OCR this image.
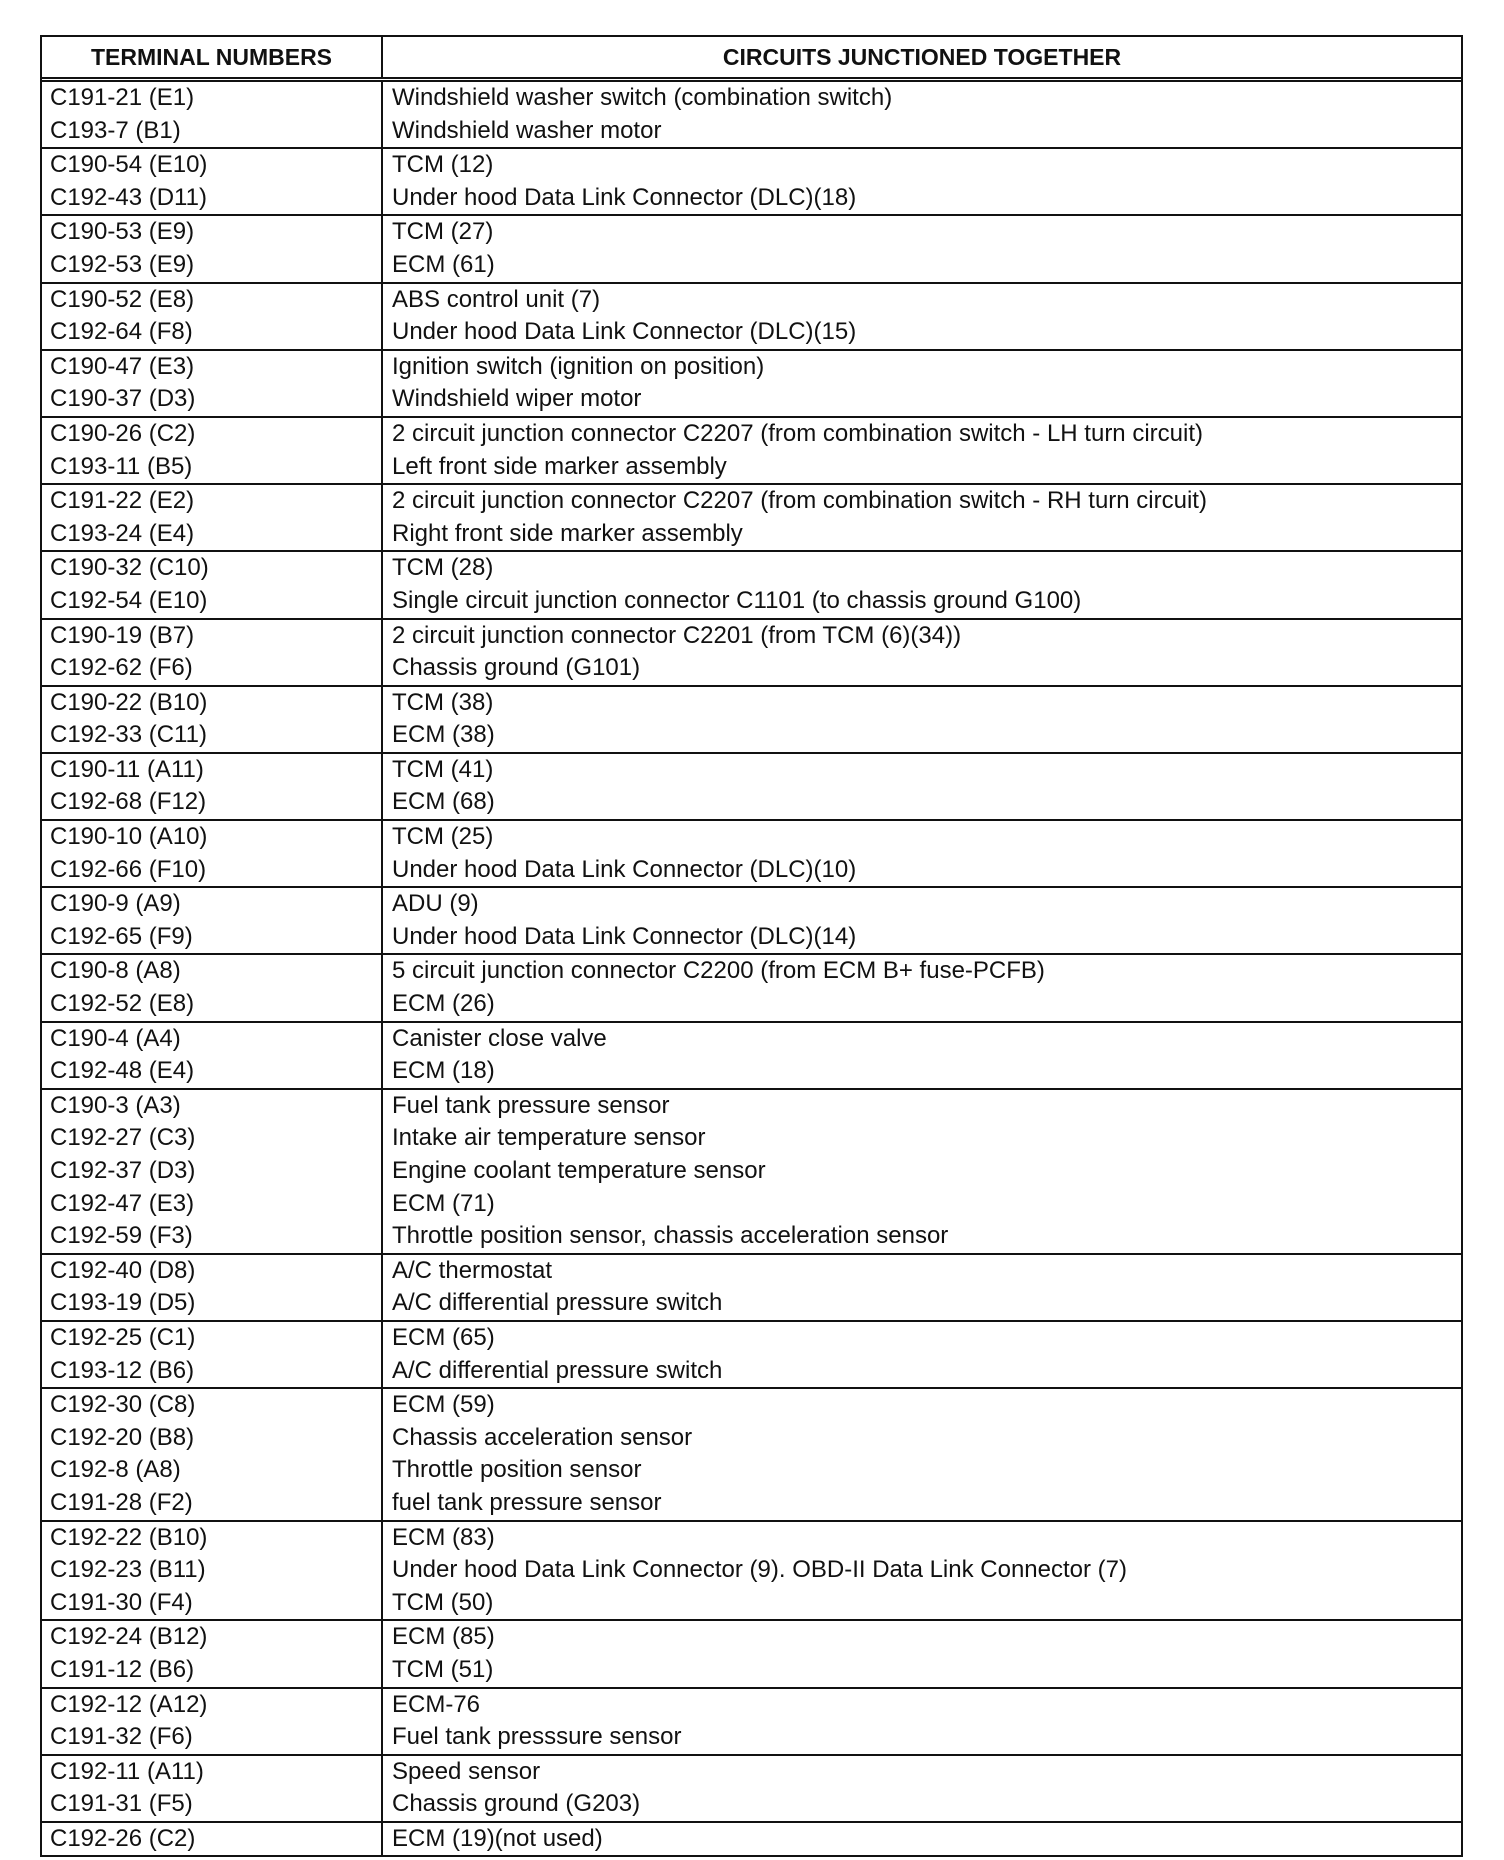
TERMINAL NUMBERS	CIRCUITS JUNCTIONED TOGETHER
C191-21 (E1)
C193-7 (B1)
Windshield washer switch (combination switch)
Windshield washer motor
C190-54 (E10)
C192-43 (D11)
TCM (12)
Under hood Data Link Connector (DLC)(18)
C190-53 (E9)
C192-53 (E9)
TCM (27)
ECM (61)
C190-52 (E8)
C192-64 (F8)
ABS control unit (7)
Under hood Data Link Connector (DLC)(15)
C190-47 (E3)
C190-37 (D3)
Ignition switch (ignition on position)
Windshield wiper motor
C190-26 (C2)
C193-11 (B5)
2 circuit junction connector C2207 (from combination switch - LH turn circuit)
Left front side marker assembly
C191-22 (E2)
C193-24 (E4)
2 circuit junction connector C2207 (from combination switch - RH turn circuit)
Right front side marker assembly
C190-32 (C10)
C192-54 (E10)
TCM (28)
Single circuit junction connector C1101 (to chassis ground G100)
C190-19 (B7)
C192-62 (F6)
2 circuit junction connector C2201 (from TCM (6)(34))
Chassis ground (G101)
C190-22 (B10)
C192-33 (C11)
TCM (38)
ECM (38)
C190-11 (A11)
C192-68 (F12)
TCM (41)
ECM (68)
C190-10 (A10)
C192-66 (F10)
TCM (25)
Under hood Data Link Connector (DLC)(10)
C190-9 (A9)
C192-65 (F9)
ADU (9)
Under hood Data Link Connector (DLC)(14)
C190-8 (A8)
C192-52 (E8)
5 circuit junction connector C2200 (from ECM B+ fuse-PCFB)
ECM (26)
C190-4 (A4)
C192-48 (E4)
Canister close valve
ECM (18)
C190-3 (A3)
C192-27 (C3)
C192-37 (D3)
C192-47 (E3)
C192-59 (F3)
Fuel tank pressure sensor
Intake air temperature sensor
Engine coolant temperature sensor
ECM (71)
Throttle position sensor, chassis acceleration sensor
C192-40 (D8)
C193-19 (D5)
A/C thermostat
A/C differential pressure switch
C192-25 (C1)
C193-12 (B6)
ECM (65)
A/C differential pressure switch
C192-30 (C8)
C192-20 (B8)
C192-8 (A8)
C191-28 (F2)
ECM (59)
Chassis acceleration sensor
Throttle position sensor
fuel tank pressure sensor
C192-22 (B10)
C192-23 (B11)
C191-30 (F4)
ECM (83)
Under hood Data Link Connector (9). OBD-II Data Link Connector (7)
TCM (50)
C192-24 (B12)
C191-12 (B6)
ECM (85)
TCM (51)
C192-12 (A12)
C191-32 (F6)
ECM-76
Fuel tank presssure sensor
C192-11 (A11)
C191-31 (F5)
Speed sensor
Chassis ground (G203)
C192-26 (C2)	ECM (19)(not used)
